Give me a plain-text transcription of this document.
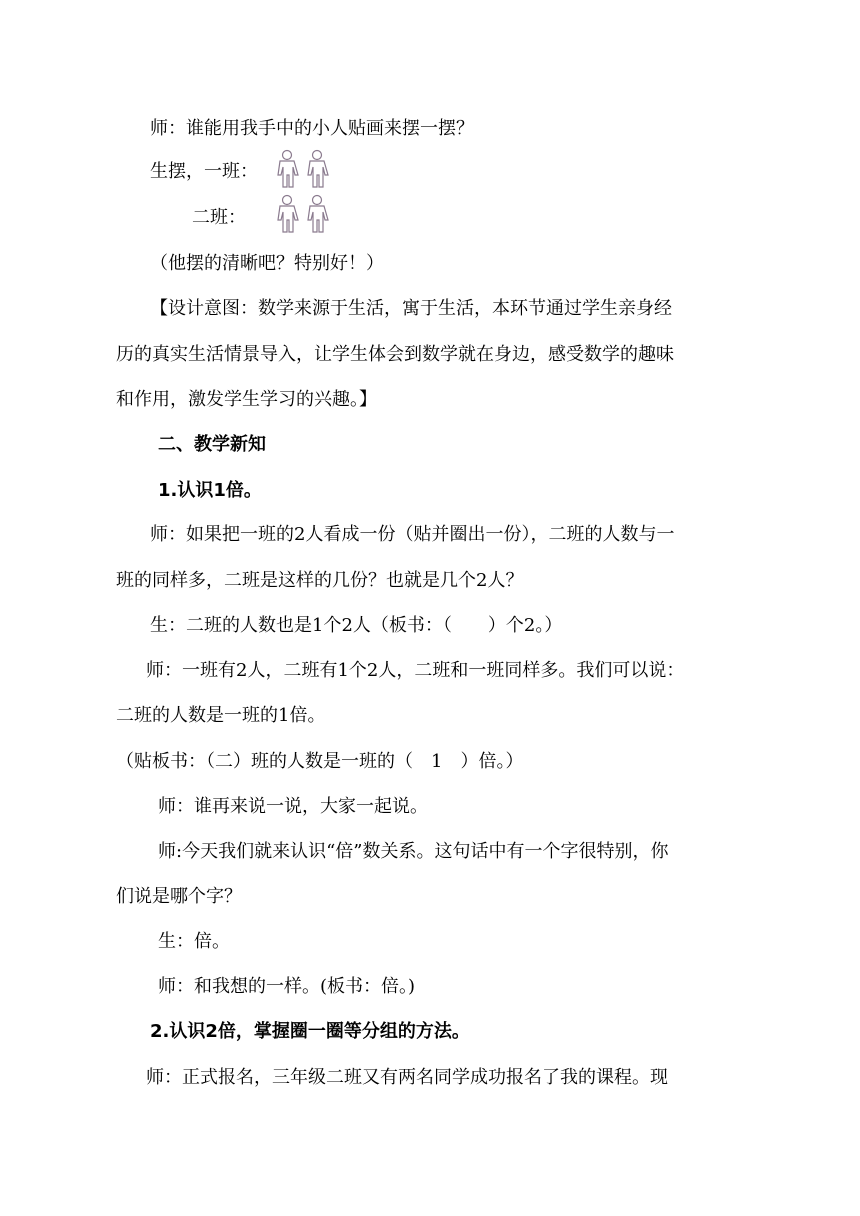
师：谁能用我手中的小人贴画来摆一摆？
生摆，一班：
二班：
（他摆的清晰吧？特别好！）
【设计意图：数学来源于生活，寓于生活，本环节通过学生亲身经
历的真实生活情景导入，让学生体会到数学就在身边，感受数学的趣味
和作用，激发学生学习的兴趣。】
二、教学新知
1.认识1倍。
师：如果把一班的2人看成一份（贴并圈出一份），二班的人数与一
班的同样多，二班是这样的几份？也就是几个2人？
生：二班的人数也是1个2人（板书：（　　）个2。）
师：一班有2人，二班有1个2人，二班和一班同样多。我们可以说：
二班的人数是一班的1倍。
（贴板书：（二）班的人数是一班的（　1　）倍。）
师：谁再来说一说，大家一起说。
师:今天我们就来认识“倍”数关系。这句话中有一个字很特别，你
们说是哪个字？
生：倍。
师：和我想的一样。(板书：倍。)
2.认识2倍，掌握圈一圈等分组的方法。
师：正式报名，三年级二班又有两名同学成功报名了我的课程。现
